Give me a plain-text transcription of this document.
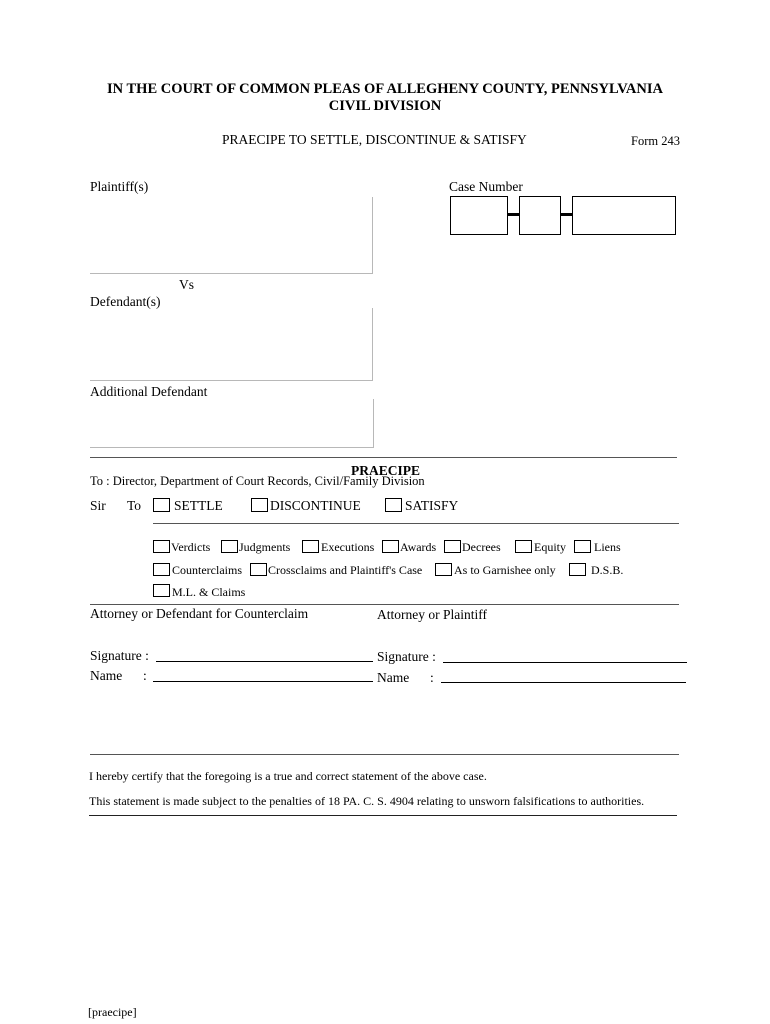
IN THE COURT OF COMMON PLEAS OF ALLEGHENY COUNTY, PENNSYLVANIA
CIVIL DIVISION
PRAECIPE TO SETTLE, DISCONTINUE & SATISFY	Form 243
Plaintiff(s)	Case Number
Vs
Defendant(s)
Additional Defendant
PRAECIPE
To : Director, Department of Court Records, Civil/Family Division
Sir To SETTLE	DISCONTINUE	SATISFY
Verdicts Judgments	Executions Awards Decrees	Equity Liens
Counterclaims Crossclaims and Plaintiff's Case	As to Garnishee only	D.S.B.
M.L. & Claims
Attorney or Defendant for Counterclaim	Attorney or Plaintiff
Signature :	Signature :
Name :	Name :
I hereby certify that the foregoing is a true and correct statement of the above case.
This statement is made subject to the penalties of 18 PA. C. S. 4904 relating to unsworn falsifications to authorities.
[praecipe]
